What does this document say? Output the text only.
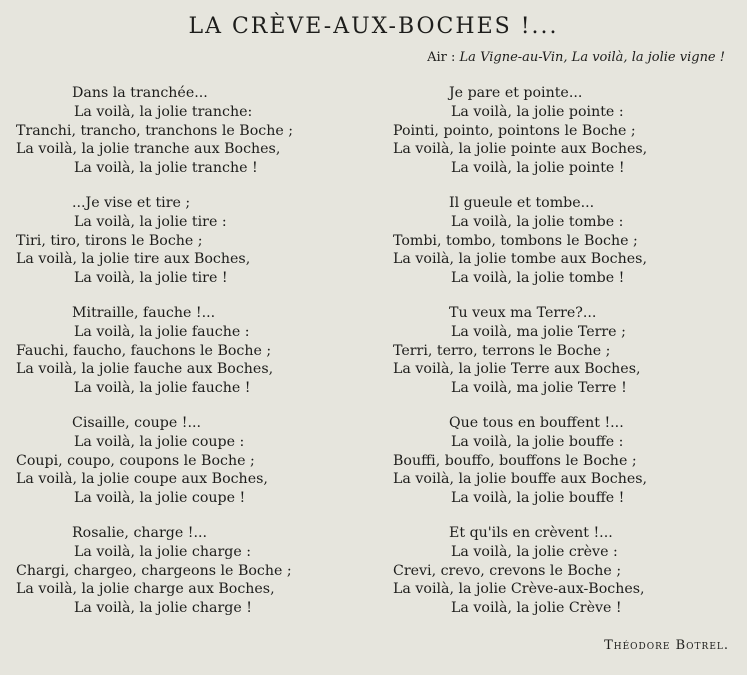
LA CRÈVE-AUX-BOCHES !...
Air : La Vigne-au-Vin, La voilà, la jolie vigne !

Dans la tranchée...

La voilà, la jolie tranche:

Tranchi, trancho, tranchons le Boche ;

La voilà, la jolie tranche aux Boches,

La voilà, la jolie tranche !

...Je vise et tire ;

La voilà, la jolie tire :

Tiri, tiro, tirons le Boche ;

La voilà, la jolie tire aux Boches,

La voilà, la jolie tire !

Mitraille, fauche !...

La voilà, la jolie fauche :

Fauchi, faucho, fauchons le Boche ;

La voilà, la jolie fauche aux Boches,

La voilà, la jolie fauche !

Cisaille, coupe !...

La voilà, la jolie coupe :

Coupi, coupo, coupons le Boche ;

La voilà, la jolie coupe aux Boches,

La voilà, la jolie coupe !

Rosalie, charge !...

La voilà, la jolie charge :

Chargi, chargeo, chargeons le Boche ;

La voilà, la jolie charge aux Boches,

La voilà, la jolie charge !

Je pare et pointe...

La voilà, la jolie pointe :

Pointi, pointo, pointons le Boche ;

La voilà, la jolie pointe aux Boches,

La voilà, la jolie pointe !

Il gueule et tombe...

La voilà, la jolie tombe :

Tombi, tombo, tombons le Boche ;

La voilà, la jolie tombe aux Boches,

La voilà, la jolie tombe !

Tu veux ma Terre?...

La voilà, ma jolie Terre ;

Terri, terro, terrons le Boche ;

La voilà, la jolie Terre aux Boches,

La voilà, ma jolie Terre !

Que tous en bouffent !...

La voilà, la jolie bouffe :

Bouffi, bouffo, bouffons le Boche ;

La voilà, la jolie bouffe aux Boches,

La voilà, la jolie bouffe !

Et qu'ils en crèvent !...

La voilà, la jolie crève :

Crevi, crevo, crevons le Boche ;

La voilà, la jolie Crève-aux-Boches,

La voilà, la jolie Crève !

Théodore Botrel.
